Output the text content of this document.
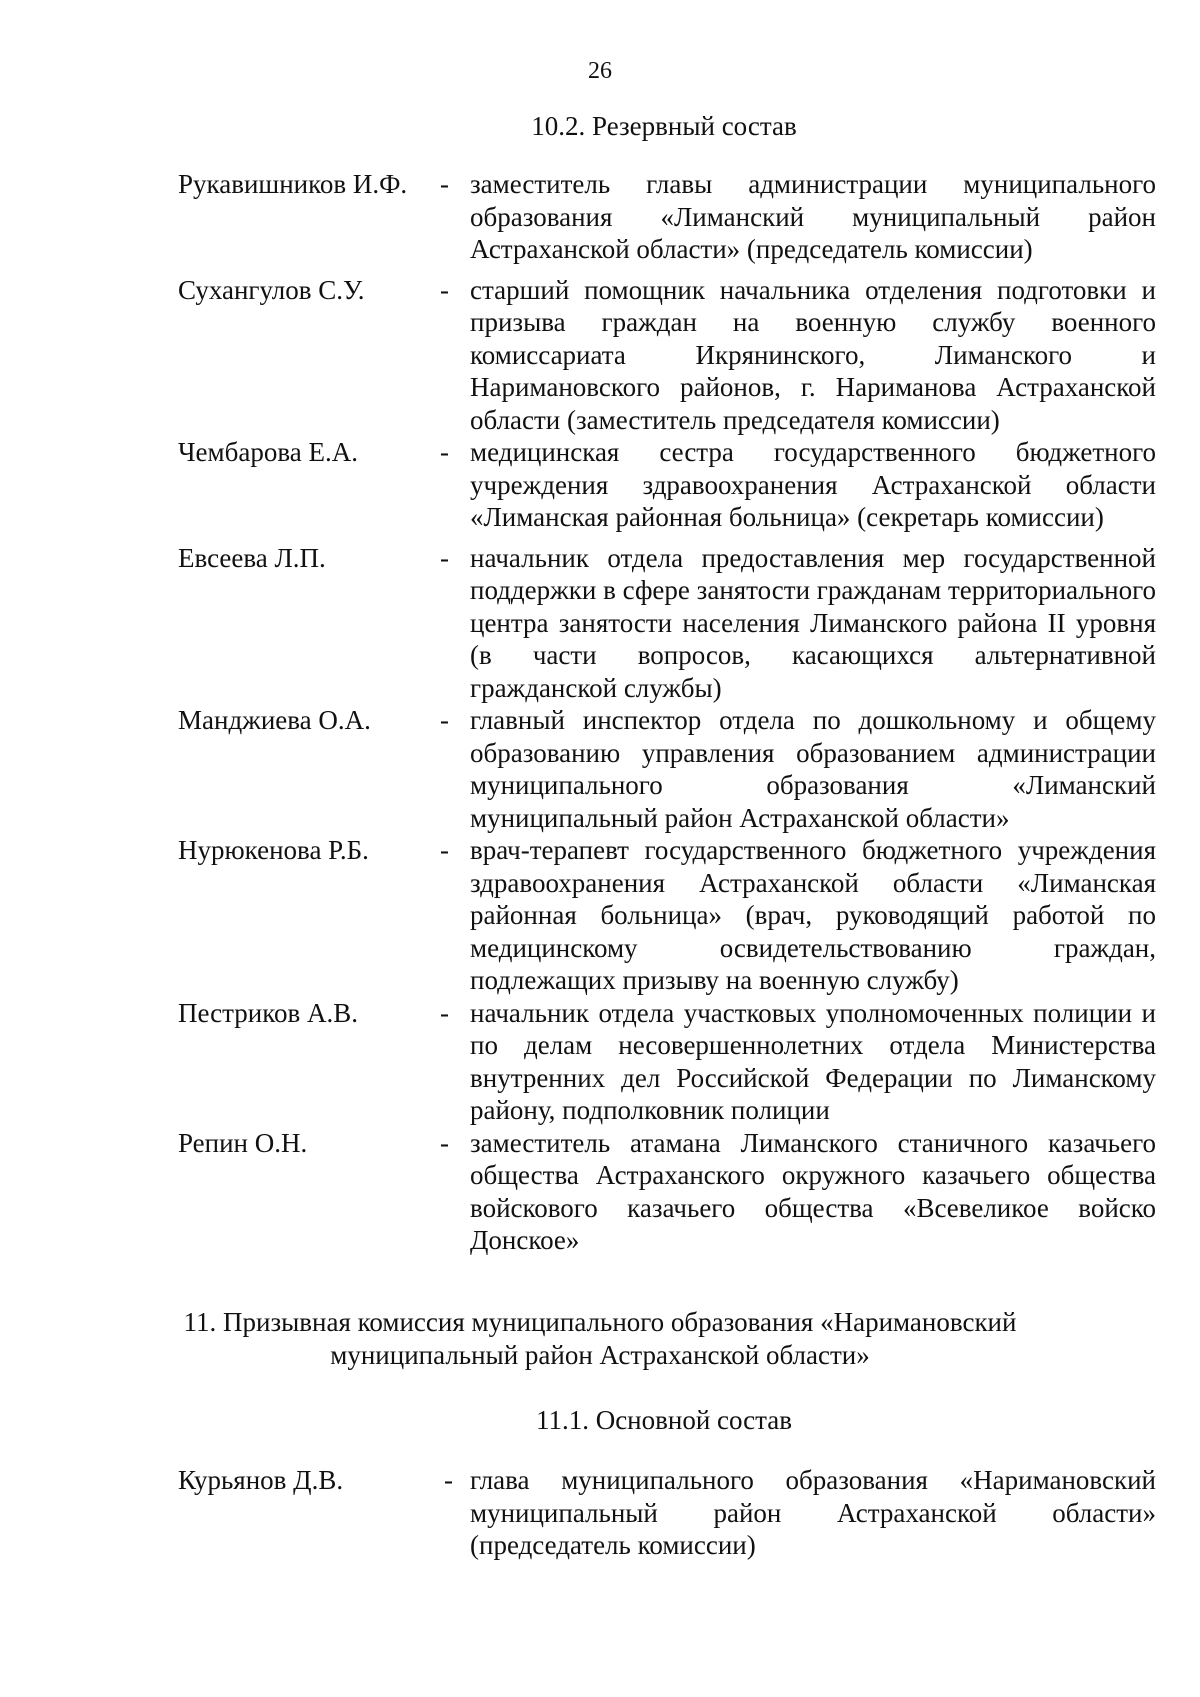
26
10.2. Резервный состав
Рукавишников И.Ф. - заместитель главы администрации муниципального образования «Лиманский муниципальный район Астраханской области» (председатель комиссии)
Сухангулов С.У.	- старший помощник начальника отделения подготовки и призыва граждан на военную службу военного комиссариата Икрянинского, Лиманского и Наримановского районов, г. Нариманова Астраханской области (заместитель председателя комиссии)
Чембарова Е.А.	- медицинская сестра государственного бюджетного учреждения здравоохранения Астраханской области «Лиманская районная больница» (секретарь комиссии)
Евсеева Л.П.	- начальник отдела предоставления мер государственной поддержки в сфере занятости гражданам территориального центра занятости населения Лиманского района II уровня (в части вопросов, касающихся альтернативной гражданской службы)
Манджиева О.А.	- главный инспектор отдела по дошкольному и общему образованию управления образованием администрации муниципального образования «Лиманский муниципальный район Астраханской области»
Нурюкенова Р.Б.	- врач-терапевт государственного бюджетного учреждения здравоохранения Астраханской области «Лиманская районная больница» (врач, руководящий работой по медицинскому освидетельствованию граждан, подлежащих призыву на военную службу)
Пестриков А.В.	- начальник отдела участковых уполномоченных полиции и по делам несовершеннолетних отдела Министерства внутренних дел Российской Федерации по Лиманскому району, подполковник полиции
Репин О.Н.	- заместитель атамана Лиманского станичного казачьего общества Астраханского окружного казачьего общества войскового казачьего общества «Всевеликое войско Донское»
11. Призывная комиссия муниципального образования «Наримановский
муниципальный район Астраханской области»
11.1. Основной состав
Курьянов Д.В.	- глава муниципального образования «Наримановский муниципальный район Астраханской области» (председатель комиссии)
